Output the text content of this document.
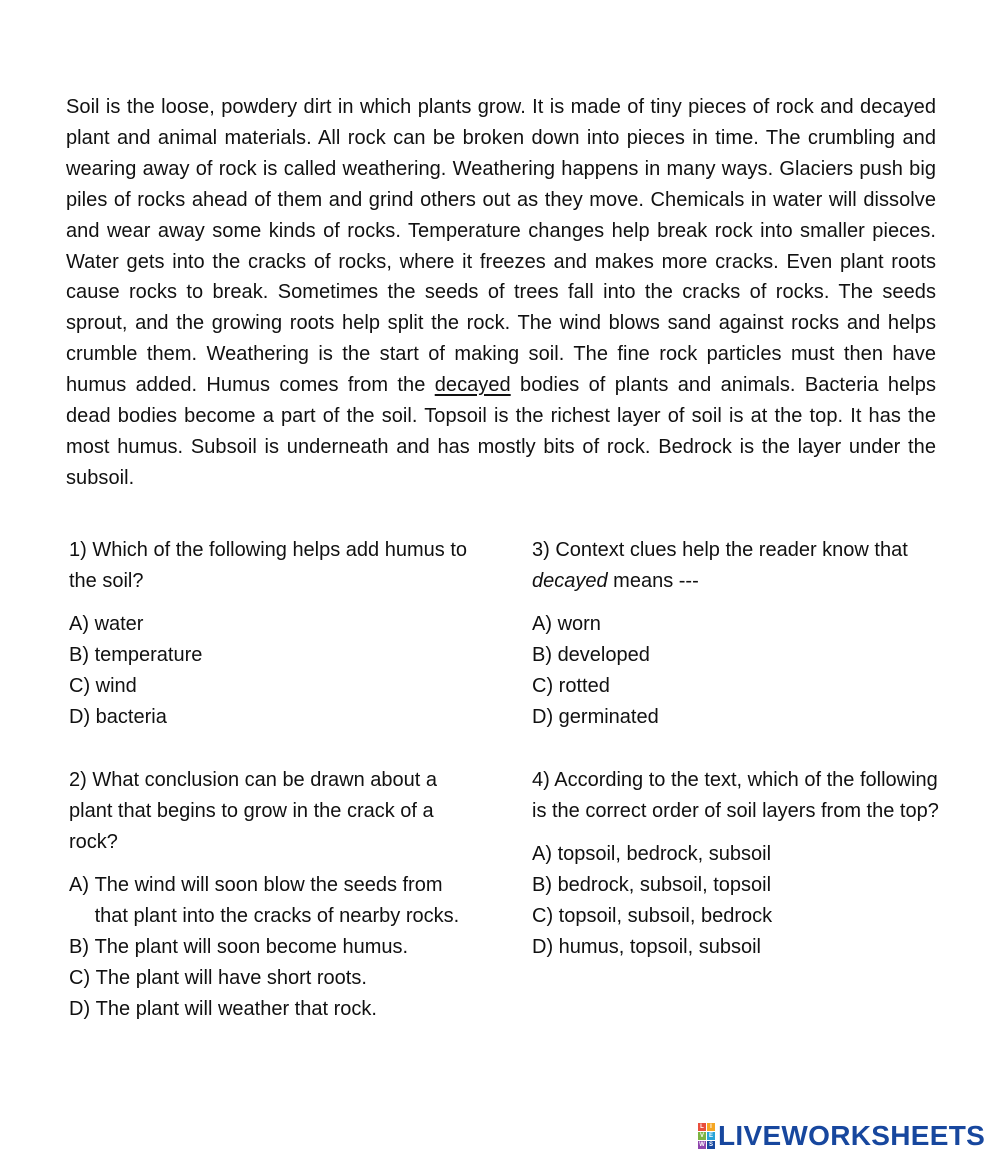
Soil is the loose, powdery dirt in which plants grow. It is made of tiny pieces of rock and decayed plant and animal materials. All rock can be broken down into pieces in time. The crumbling and wearing away of rock is called weathering. Weathering happens in many ways. Glaciers push big piles of rocks ahead of them and grind others out as they move. Chemicals in water will dissolve and wear away some kinds of rocks. Temperature changes help break rock into smaller pieces. Water gets into the cracks of rocks, where it freezes and makes more cracks. Even plant roots cause rocks to break. Sometimes the seeds of trees fall into the cracks of rocks. The seeds sprout, and the growing roots help split the rock. The wind blows sand against rocks and helps crumble them. Weathering is the start of making soil. The fine rock particles must then have humus added. Humus comes from the decayed bodies of plants and animals. Bacteria helps dead bodies become a part of the soil. Topsoil is the richest layer of soil is at the top. It has the most humus. Subsoil is underneath and has mostly bits of rock. Bedrock is the layer under the subsoil.
1) Which of the following helps add humus to the soil?
A) water
B) temperature
C) wind
D) bacteria
3) Context clues help the reader know that decayed means ---
A) worn
B) developed
C) rotted
D) germinated
2) What conclusion can be drawn about a plant that begins to grow in the crack of a rock?
A) The wind will soon blow the seeds from that plant into the cracks of nearby rocks.
B) The plant will soon become humus.
C) The plant will have short roots.
D) The plant will weather that rock.
4) According to the text, which of the following is the correct order of soil layers from the top?
A) topsoil, bedrock, subsoil
B) bedrock, subsoil, topsoil
C) topsoil, subsoil, bedrock
D) humus, topsoil, subsoil
L	I
V E
W S LIVEWORKSHEETS
